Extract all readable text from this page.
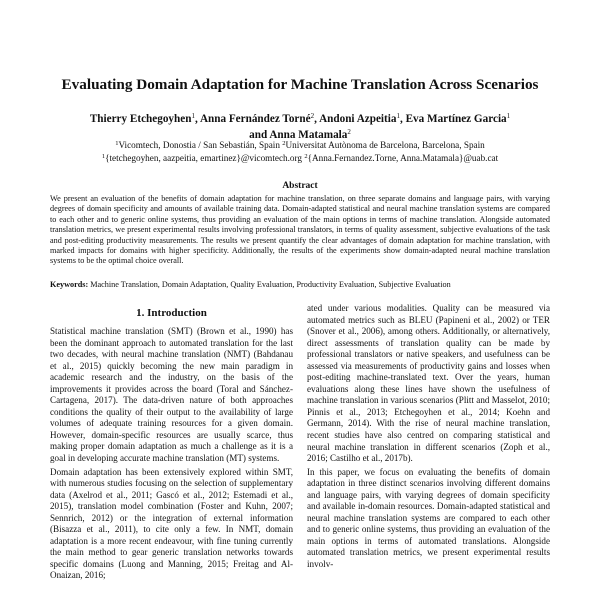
Evaluating Domain Adaptation for Machine Translation Across Scenarios
Thierry Etchegoyhen$^1$, Anna Fernández Torné$^2$, Andoni Azpeitia$^1$, Eva Martínez Garcia$^1$
and Anna Matamala$^2$
$^1$Vicomtech, Donostia / San Sebastián, Spain $^2$Universitat Autònoma de Barcelona, Barcelona, Spain
$^1${tetchegoyhen, aazpeitia, emartinez}@vicomtech.org $^2${Anna.Fernandez.Torne, Anna.Matamala}@uab.cat
Abstract
We present an evaluation of the benefits of domain adaptation for machine translation, on three separate domains and language pairs, with varying degrees of domain specificity and amounts of available training data. Domain-adapted statistical and neural machine translation systems are compared to each other and to generic online systems, thus providing an evaluation of the main options in terms of machine translation. Alongside automated translation metrics, we present experimental results involving professional translators, in terms of quality assessment, subjective evaluations of the task and post-editing productivity measurements. The results we present quantify the clear advantages of domain adaptation for machine translation, with marked impacts for domains with higher specificity. Additionally, the results of the experiments show domain-adapted neural machine translation systems to be the optimal choice overall.
Keywords: Machine Translation, Domain Adaptation, Quality Evaluation, Productivity Evaluation, Subjective Evaluation
1. Introduction

Statistical machine translation (SMT) (Brown et al., 1990) has been the dominant approach to automated translation for the last two decades, with neural machine translation (NMT) (Bahdanau et al., 2015) quickly becoming the new main paradigm in academic research and the industry, on the basis of the improvements it provides across the board (Toral and Sánchez-Cartagena, 2017). The data-driven nature of both approaches conditions the quality of their output to the availability of large volumes of adequate training resources for a given domain. However, domain-specific resources are usually scarce, thus making proper domain adaptation as much a challenge as it is a goal in developing accurate machine translation (MT) systems.

Domain adaptation has been extensively explored within SMT, with numerous studies focusing on the selection of supplementary data (Axelrod et al., 2011; Gascó et al., 2012; Estemadi et al., 2015), translation model combination (Foster and Kuhn, 2007; Sennrich, 2012) or the integration of external information (Bisazza et al., 2011), to cite only a few. In NMT, domain adaptation is a more recent endeavour, with fine tuning currently the main method to gear generic translation networks towards specific domains (Luong and Manning, 2015; Freitag and Al-Onaizan, 2016;

ated under various modalities. Quality can be measured via automated metrics such as BLEU (Papineni et al., 2002) or TER (Snover et al., 2006), among others. Additionally, or alternatively, direct assessments of translation quality can be made by professional translators or native speakers, and usefulness can be assessed via measurements of productivity gains and losses when post-editing machine-translated text. Over the years, human evaluations along these lines have shown the usefulness of machine translation in various scenarios (Plitt and Masselot, 2010; Pinnis et al., 2013; Etchegoyhen et al., 2014; Koehn and Germann, 2014). With the rise of neural machine translation, recent studies have also centred on comparing statistical and neural machine translation in different scenarios (Zoph et al., 2016; Castilho et al., 2017b).

In this paper, we focus on evaluating the benefits of domain adaptation in three distinct scenarios involving different domains and language pairs, with varying degrees of domain specificity and available in-domain resources. Domain-adapted statistical and neural machine translation systems are compared to each other and to generic online systems, thus providing an evaluation of the main options in terms of automated translations. Alongside automated translation metrics, we present experimental results involv-
